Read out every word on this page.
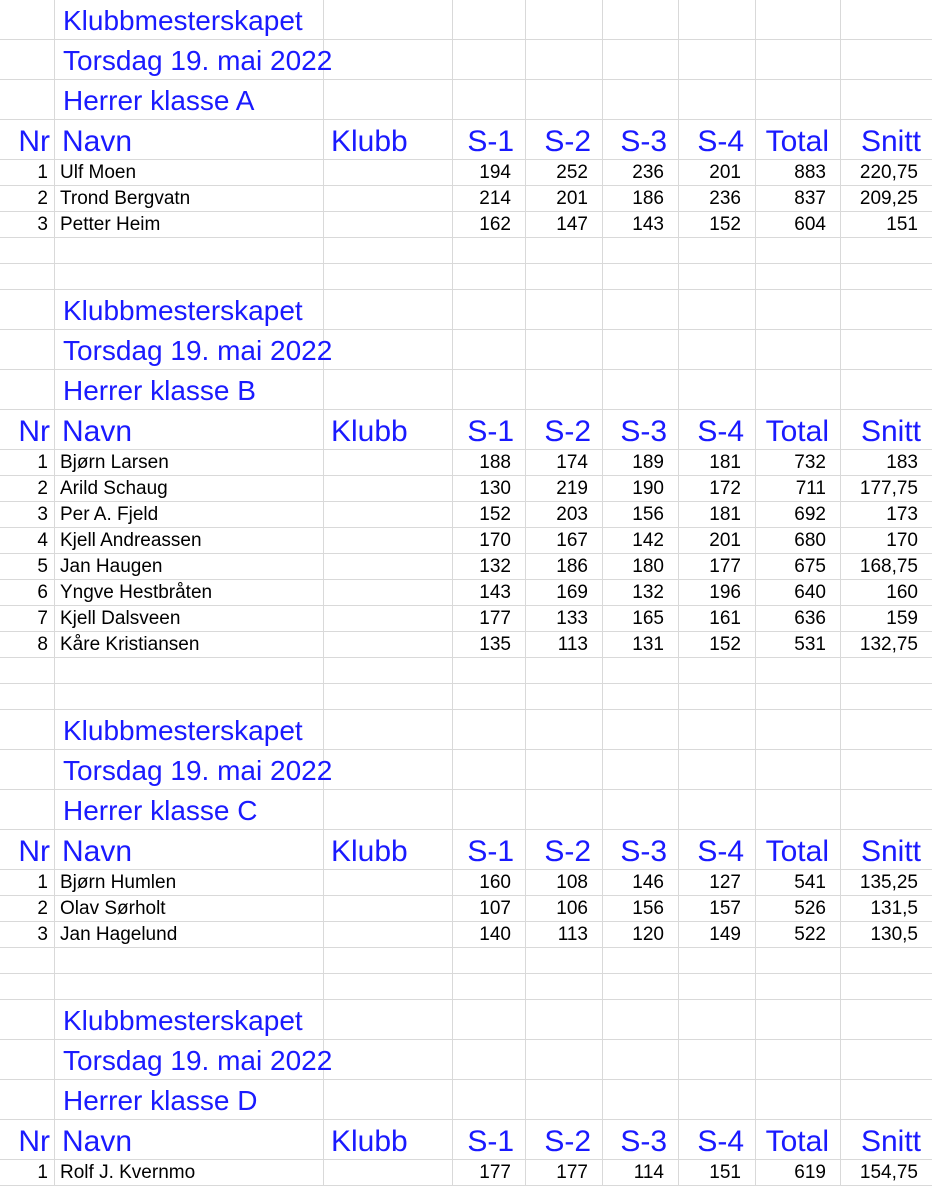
Klubbmesterskapet
Torsdag 19. mai 2022
Herrer klasse A
Nr Navn	Klubb S-1 S-2 S-3 S-4 Total Snitt
1 Ulf Moen	194 252 236 201	883 220,75
2 Trond Bergvatn	214 201 186 236	837 209,25
3 Petter Heim	162 147 143 152	604	151
Klubbmesterskapet
Torsdag 19. mai 2022
Herrer klasse B
Nr Navn	Klubb S-1 S-2 S-3 S-4 Total Snitt
1 Bjørn Larsen	188 174 189 181	732	183
2 Arild Schaug	130 219 190 172	711 177,75
3 Per A. Fjeld	152 203 156 181	692	173
4 Kjell Andreassen	170 167 142 201	680	170
5 Jan Haugen	132 186 180 177	675 168,75
6 Yngve Hestbråten	143 169 132 196	640	160
7 Kjell Dalsveen	177 133 165 161	636	159
8 Kåre Kristiansen	135 113 131 152	531 132,75
Klubbmesterskapet
Torsdag 19. mai 2022
Herrer klasse C
Nr Navn	Klubb S-1 S-2 S-3 S-4 Total Snitt
1 Bjørn Humlen	160 108 146 127	541 135,25
2 Olav Sørholt	107 106 156 157	526 131,5
3 Jan Hagelund	140 113 120 149	522 130,5
Klubbmesterskapet
Torsdag 19. mai 2022
Herrer klasse D
Nr Navn	Klubb S-1 S-2 S-3 S-4 Total Snitt
1 Rolf J. Kvernmo	177 177 114 151	619 154,75
